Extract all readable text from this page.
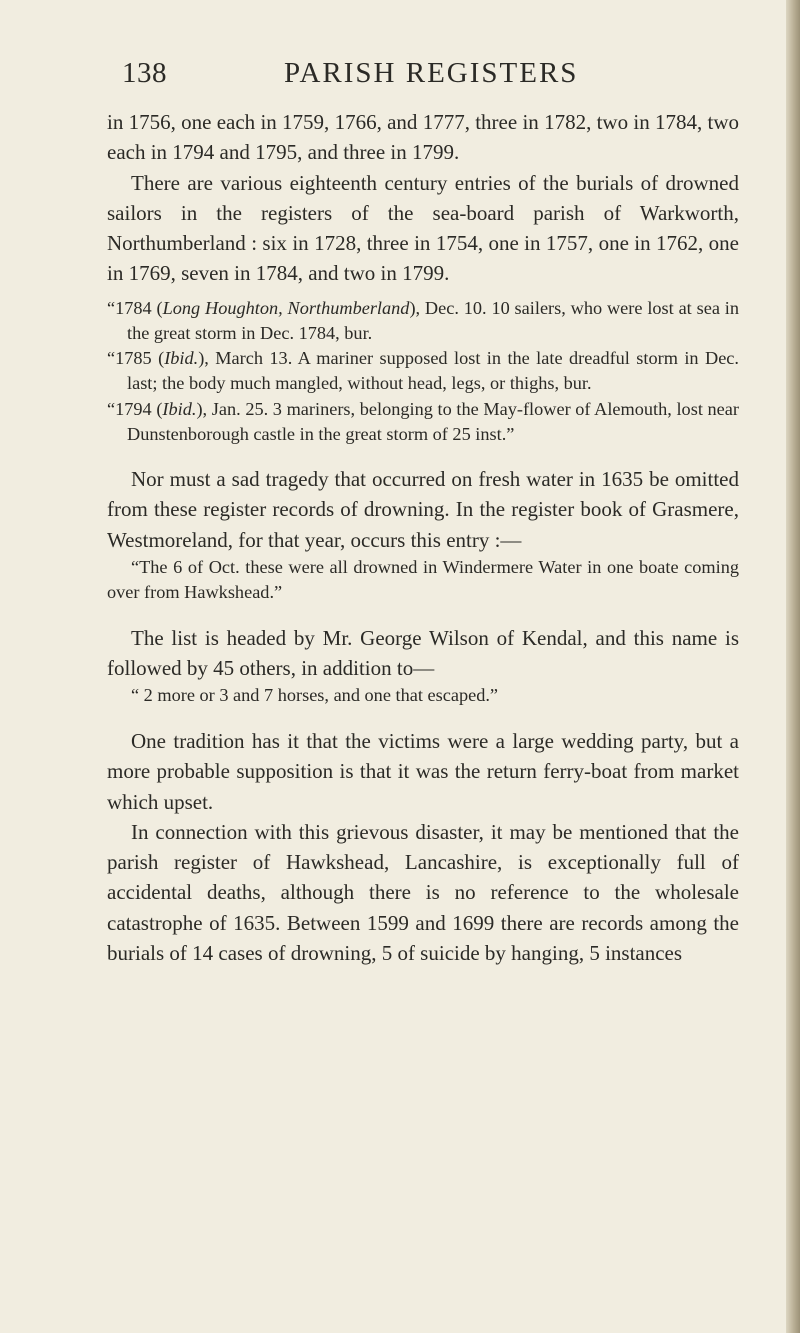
138	PARISH REGISTERS

in 1756, one each in 1759, 1766, and 1777, three in 1782, two in 1784, two each in 1794 and 1795, and three in 1799.

There are various eighteenth century entries of the burials of drowned sailors in the registers of the sea-board parish of Warkworth, Northumberland : six in 1728, three in 1754, one in 1757, one in 1762, one in 1769, seven in 1784, and two in 1799.

“1784 (Long Houghton, Northumberland), Dec. 10. 10 sailers, who were lost at sea in the great storm in Dec. 1784, bur.

“1785 (Ibid.), March 13. A mariner supposed lost in the late dreadful storm in Dec. last; the body much mangled, without head, legs, or thighs, bur.

“1794 (Ibid.), Jan. 25. 3 mariners, belonging to the May-flower of Alemouth, lost near Dunstenborough castle in the great storm of 25 inst.”

Nor must a sad tragedy that occurred on fresh water in 1635 be omitted from these register records of drowning. In the register book of Grasmere, Westmoreland, for that year, occurs this entry :—

“The 6 of Oct. these were all drowned in Windermere Water in one boate coming over from Hawkshead.”

The list is headed by Mr. George Wilson of Kendal, and this name is followed by 45 others, in addition to—

“ 2 more or 3 and 7 horses, and one that escaped.”

One tradition has it that the victims were a large wedding party, but a more probable supposition is that it was the return ferry-boat from market which upset.

In connection with this grievous disaster, it may be mentioned that the parish register of Hawkshead, Lancashire, is exceptionally full of accidental deaths, although there is no reference to the wholesale catastrophe of 1635. Between 1599 and 1699 there are records among the burials of 14 cases of drowning, 5 of suicide by hanging, 5 instances
